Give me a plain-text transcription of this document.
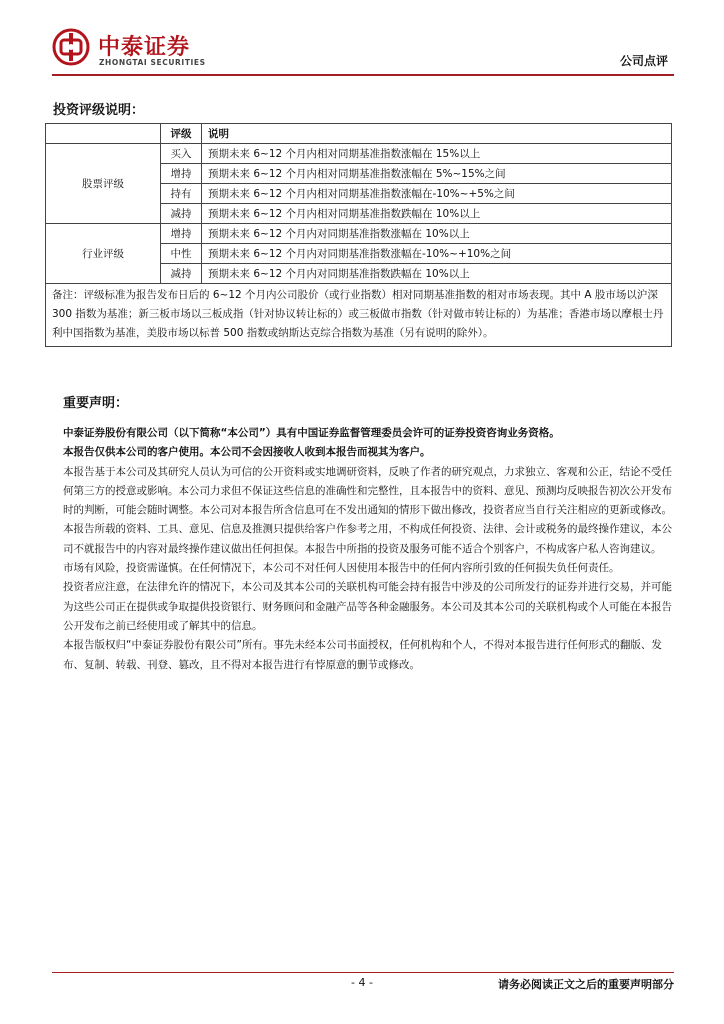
中泰证券
ZHONGTAI SECURITIES	公司点评
投资评级说明：
	评级	说明
股票评级	买入	预期未来 6~12 个月内相对同期基准指数涨幅在 15%以上
	增持	预期未来 6~12 个月内相对同期基准指数涨幅在 5%~15%之间
	持有	预期未来 6~12 个月内相对同期基准指数涨幅在-10%~+5%之间
	减持	预期未来 6~12 个月内相对同期基准指数跌幅在 10%以上
行业评级	增持	预期未来 6~12 个月内对同期基准指数涨幅在 10%以上
	中性	预期未来 6~12 个月内对同期基准指数涨幅在-10%~+10%之间
	减持	预期未来 6~12 个月内对同期基准指数跌幅在 10%以上
备注：评级标准为报告发布日后的 6~12 个月内公司股价（或行业指数）相对同期基准指数的相对市场表现。其中 A 股市场以沪深 300 指数为基准；新三板市场以三板成指（针对协议转让标的）或三板做市指数（针对做市转让标的）为基准；香港市场以摩根士丹利中国指数为基准，美股市场以标普 500 指数或纳斯达克综合指数为基准（另有说明的除外）。		
重要声明：

中泰证券股份有限公司（以下简称“本公司”）具有中国证券监督管理委员会许可的证券投资咨询业务资格。

本报告仅供本公司的客户使用。本公司不会因接收人收到本报告而视其为客户。

本报告基于本公司及其研究人员认为可信的公开资料或实地调研资料，反映了作者的研究观点，力求独立、客观和公正，结论不受任何第三方的授意或影响。本公司力求但不保证这些信息的准确性和完整性，且本报告中的资料、意见、预测均反映报告初次公开发布时的判断，可能会随时调整。本公司对本报告所含信息可在不发出通知的情形下做出修改，投资者应当自行关注相应的更新或修改。本报告所载的资料、工具、意见、信息及推测只提供给客户作参考之用，不构成任何投资、法律、会计或税务的最终操作建议，本公司不就报告中的内容对最终操作建议做出任何担保。本报告中所指的投资及服务可能不适合个别客户，不构成客户私人咨询建议。

市场有风险，投资需谨慎。在任何情况下，本公司不对任何人因使用本报告中的任何内容所引致的任何损失负任何责任。

投资者应注意，在法律允许的情况下，本公司及其本公司的关联机构可能会持有报告中涉及的公司所发行的证券并进行交易，并可能为这些公司正在提供或争取提供投资银行、财务顾问和金融产品等各种金融服务。本公司及其本公司的关联机构或个人可能在本报告公开发布之前已经使用或了解其中的信息。

本报告版权归“中泰证券股份有限公司”所有。事先未经本公司书面授权，任何机构和个人，不得对本报告进行任何形式的翻版、发布、复制、转载、刊登、篡改，且不得对本报告进行有悖原意的删节或修改。

- 4 -	请务必阅读正文之后的重要声明部分
